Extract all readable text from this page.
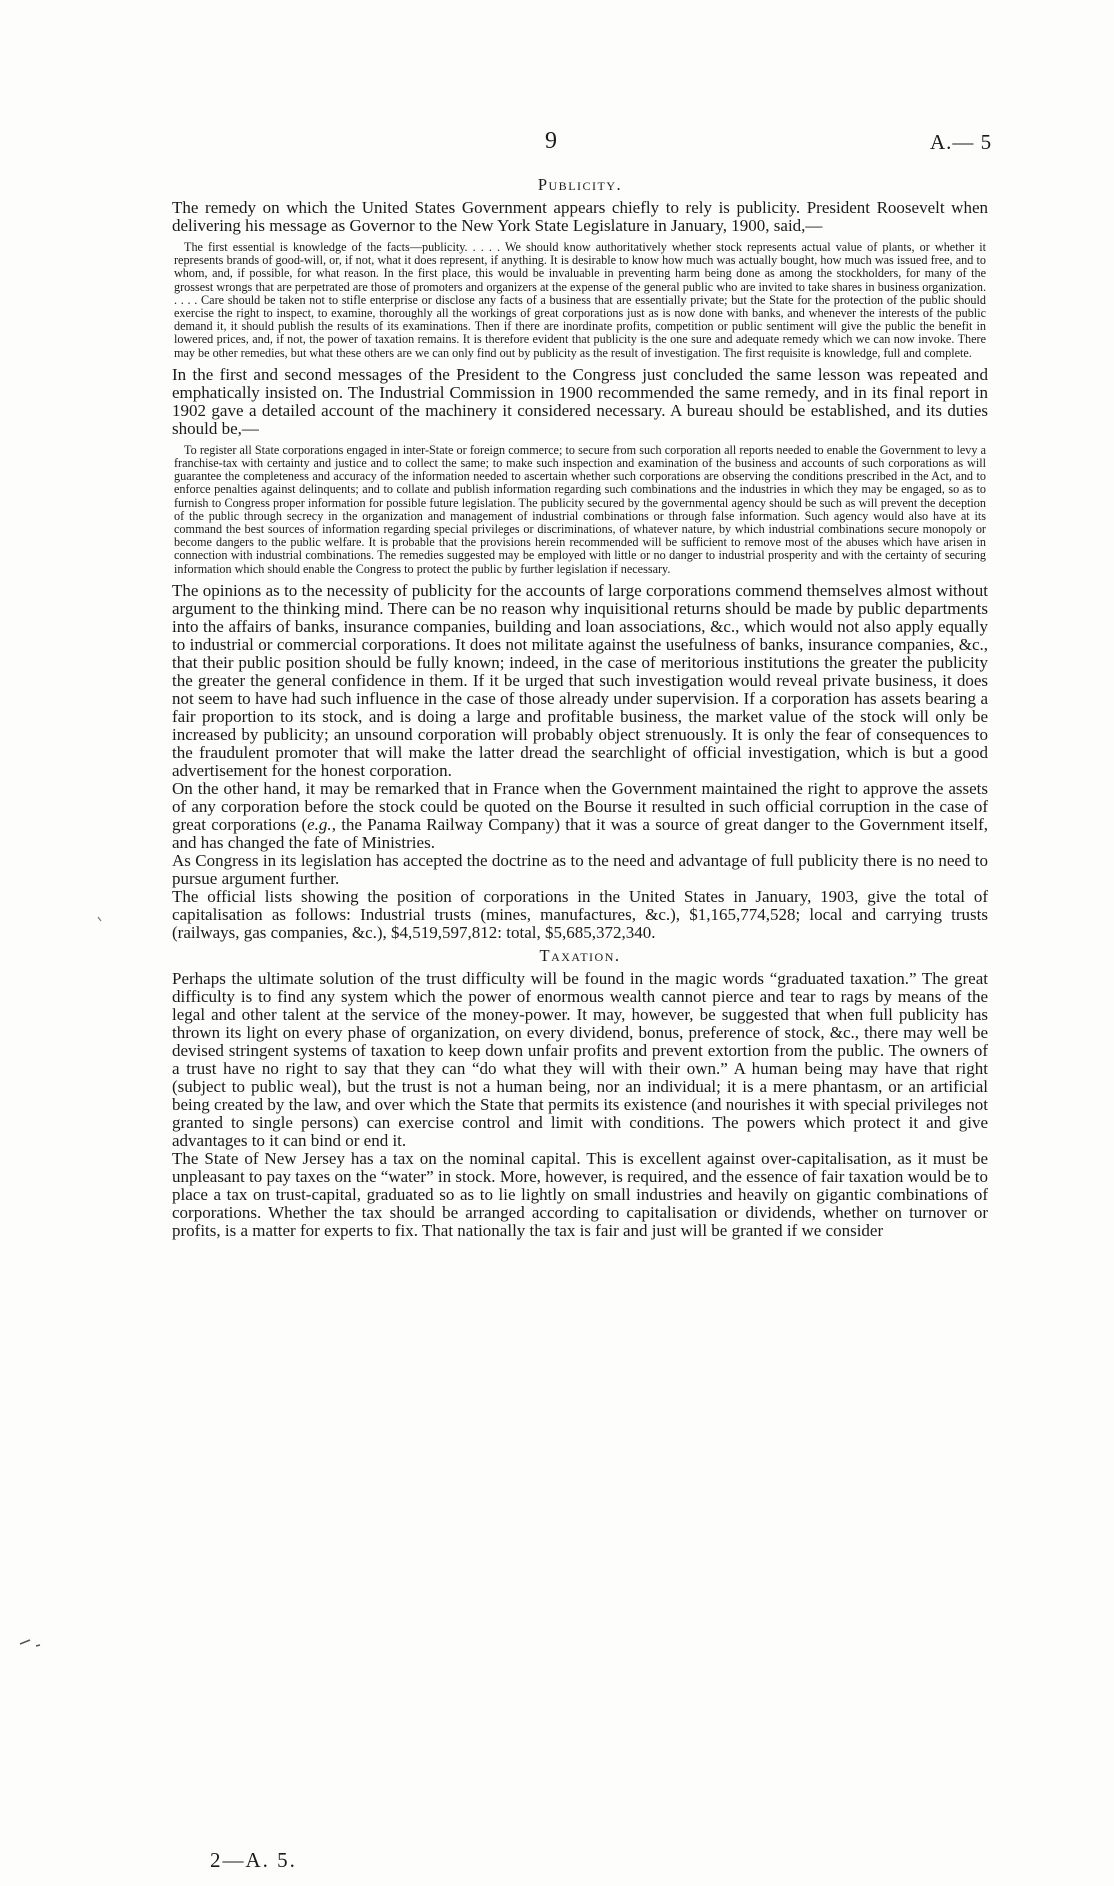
9	A.— 5
Publicity.

The remedy on which the United States Government appears chiefly to rely is publicity. President Roosevelt when delivering his message as Governor to the New York State Legislature in January, 1900, said,—

The first essential is knowledge of the facts—publicity. . . . . We should know authoritatively whether stock represents actual value of plants, or whether it represents brands of good-will, or, if not, what it does represent, if anything. It is desirable to know how much was actually bought, how much was issued free, and to whom, and, if possible, for what reason. In the first place, this would be invaluable in preventing harm being done as among the stockholders, for many of the grossest wrongs that are perpetrated are those of promoters and organizers at the expense of the general public who are invited to take shares in business organization. . . . . Care should be taken not to stifle enterprise or disclose any facts of a business that are essentially private; but the State for the protection of the public should exercise the right to inspect, to examine, thoroughly all the workings of great corporations just as is now done with banks, and whenever the interests of the public demand it, it should publish the results of its examinations. Then if there are inordinate profits, competition or public sentiment will give the public the benefit in lowered prices, and, if not, the power of taxation remains. It is therefore evident that publicity is the one sure and adequate remedy which we can now invoke. There may be other remedies, but what these others are we can only find out by publicity as the result of investigation. The first requisite is knowledge, full and complete.

In the first and second messages of the President to the Congress just concluded the same lesson was repeated and emphatically insisted on. The Industrial Commission in 1900 recommended the same remedy, and in its final report in 1902 gave a detailed account of the machinery it considered necessary. A bureau should be established, and its duties should be,—

To register all State corporations engaged in inter-State or foreign commerce; to secure from such corporation all reports needed to enable the Government to levy a franchise-tax with certainty and justice and to collect the same; to make such inspection and examination of the business and accounts of such corporations as will guarantee the completeness and accuracy of the information needed to ascertain whether such corporations are observing the conditions prescribed in the Act, and to enforce penalties against delinquents; and to collate and publish information regarding such combinations and the industries in which they may be engaged, so as to furnish to Congress proper information for possible future legislation. The publicity secured by the governmental agency should be such as will prevent the deception of the public through secrecy in the organization and management of industrial combinations or through false information. Such agency would also have at its command the best sources of information regarding special privileges or discriminations, of whatever nature, by which industrial combinations secure monopoly or become dangers to the public welfare. It is probable that the provisions herein recommended will be sufficient to remove most of the abuses which have arisen in connection with industrial combinations. The remedies suggested may be employed with little or no danger to industrial prosperity and with the certainty of securing information which should enable the Congress to protect the public by further legislation if necessary.

The opinions as to the necessity of publicity for the accounts of large corporations commend themselves almost without argument to the thinking mind. There can be no reason why inquisitional returns should be made by public departments into the affairs of banks, insurance companies, building and loan associations, &c., which would not also apply equally to industrial or commercial corporations. It does not militate against the usefulness of banks, insurance companies, &c., that their public position should be fully known; indeed, in the case of meritorious institutions the greater the publicity the greater the general confidence in them. If it be urged that such investigation would reveal private business, it does not seem to have had such influence in the case of those already under supervision. If a corporation has assets bearing a fair proportion to its stock, and is doing a large and profitable business, the market value of the stock will only be increased by publicity; an unsound corporation will probably object strenuously. It is only the fear of consequences to the fraudulent promoter that will make the latter dread the searchlight of official investigation, which is but a good advertisement for the honest corporation.

On the other hand, it may be remarked that in France when the Government maintained the right to approve the assets of any corporation before the stock could be quoted on the Bourse it resulted in such official corruption in the case of great corporations (e.g., the Panama Railway Company) that it was a source of great danger to the Government itself, and has changed the fate of Ministries.

As Congress in its legislation has accepted the doctrine as to the need and advantage of full publicity there is no need to pursue argument further.

The official lists showing the position of corporations in the United States in January, 1903, give the total of capitalisation as follows: Industrial trusts (mines, manufactures, &c.), $1,165,774,528; local and carrying trusts (railways, gas companies, &c.), $4,519,597,812: total, $5,685,372,340.

Taxation.

Perhaps the ultimate solution of the trust difficulty will be found in the magic words “graduated taxation.” The great difficulty is to find any system which the power of enormous wealth cannot pierce and tear to rags by means of the legal and other talent at the service of the money-power. It may, however, be suggested that when full publicity has thrown its light on every phase of organization, on every dividend, bonus, preference of stock, &c., there may well be devised stringent systems of taxation to keep down unfair profits and prevent extortion from the public. The owners of a trust have no right to say that they can “do what they will with their own.” A human being may have that right (subject to public weal), but the trust is not a human being, nor an individual; it is a mere phantasm, or an artificial being created by the law, and over which the State that permits its existence (and nourishes it with special privileges not granted to single persons) can exercise control and limit with conditions. The powers which protect it and give advantages to it can bind or end it.

The State of New Jersey has a tax on the nominal capital. This is excellent against over-capitalisation, as it must be unpleasant to pay taxes on the “water” in stock. More, however, is required, and the essence of fair taxation would be to place a tax on trust-capital, graduated so as to lie lightly on small industries and heavily on gigantic combinations of corporations. Whether the tax should be arranged according to capitalisation or dividends, whether on turnover or profits, is a matter for experts to fix. That nationally the tax is fair and just will be granted if we consider

2—A. 5.
